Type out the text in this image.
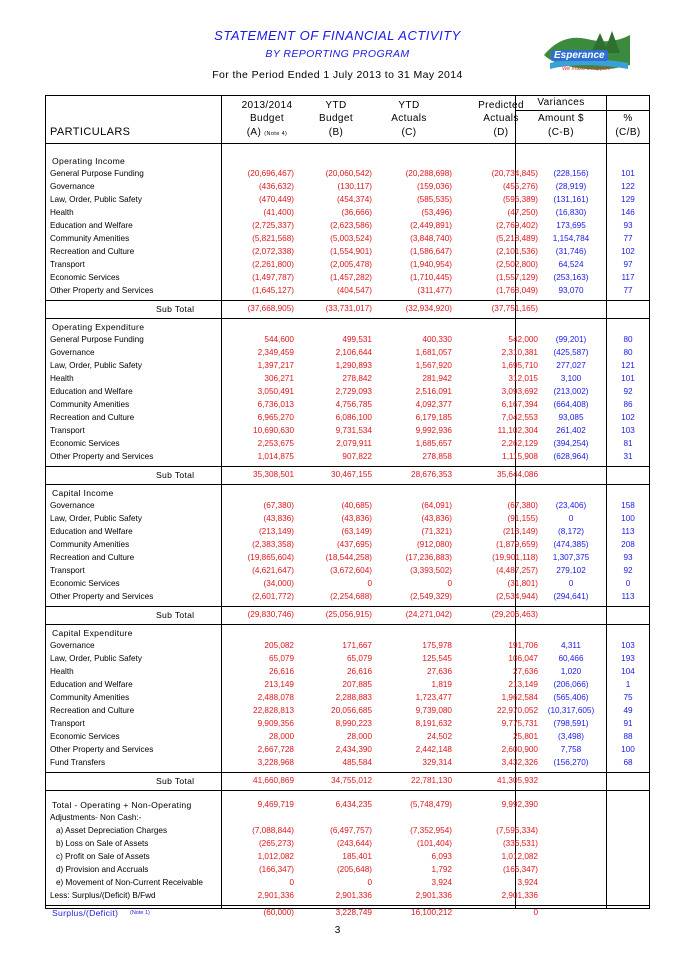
STATEMENT OF FINANCIAL ACTIVITY
BY REPORTING PROGRAM
For the Period Ended 1 July 2013 to 31 May 2014
Esperance
We make it happen!
PARTICULARS
Variances
2013/2014
Budget
(A) (Note 4)
YTD
Budget
(B)
YTD
Actuals
(C)
Predicted
Actuals
(D)
Amount $
(C-B)
%
(C/B)
Operating Income
General Purpose Funding	(20,696,467)	(20,060,542)	(20,288,698)	(20,734,845)	(228,156)	101
Governance	(436,632)	(130,117)	(159,036)	(455,276)	(28,919)	122
Law, Order, Public Safety	(470,449)	(454,374)	(585,535)	(596,389)	(131,161)	129
Health	(41,400)	(36,666)	(53,496)	(47,250)	(16,830)	146
Education and Welfare	(2,725,337)	(2,623,586)	(2,449,891)	(2,769,402)	173,695	93
Community Amenities	(5,821,568)	(5,003,524)	(3,848,740)	(5,218,489)	1,154,784	77
Recreation and Culture	(2,072,338)	(1,554,901)	(1,586,647)	(2,101,536)	(31,746)	102
Transport	(2,261,800)	(2,005,478)	(1,940,954)	(2,502,800)	64,524	97
Economic Services	(1,497,787)	(1,457,282)	(1,710,445)	(1,557,129)	(253,163)	117
Other Property and Services	(1,645,127)	(404,547)	(311,477)	(1,768,049)	93,070	77
Sub Total	(37,668,905)	(33,731,017)	(32,934,920)	(37,751,165)
Operating Expenditure
General Purpose Funding	544,600	499,531	400,330	542,000	(99,201)	80
Governance	2,349,459	2,106,644	1,681,057	2,310,381	(425,587)	80
Law, Order, Public Safety	1,397,217	1,290,893	1,567,920	1,695,710	277,027	121
Health	306,271	278,842	281,942	312,015	3,100	101
Education and Welfare	3,050,491	2,729,093	2,516,091	3,093,692	(213,002)	92
Community Amenities	6,736,013	4,756,785	4,092,377	6,167,394	(664,408)	86
Recreation and Culture	6,965,270	6,086,100	6,179,185	7,042,553	93,085	102
Transport	10,690,630	9,731,534	9,992,936	11,102,304	261,402	103
Economic Services	2,253,675	2,079,911	1,685,657	2,262,129	(394,254)	81
Other Property and Services	1,014,875	907,822	278,858	1,115,908	(628,964)	31
Sub Total	35,308,501	30,467,155	28,676,353	35,644,086
Capital Income
Governance	(67,380)	(40,685)	(64,091)	(67,380)	(23,406)	158
Law, Order, Public Safety	(43,836)	(43,836)	(43,836)	(91,155)	0	100
Education and Welfare	(213,149)	(63,149)	(71,321)	(213,149)	(8,172)	113
Community Amenities	(2,383,358)	(437,695)	(912,080)	(1,879,659)	(474,385)	208
Recreation and Culture	(19,865,604)	(18,544,258)	(17,236,883)	(19,901,118)	1,307,375	93
Transport	(4,621,647)	(3,672,604)	(3,393,502)	(4,487,257)	279,102	92
Economic Services	(34,000)	0	0	(31,801)	0	0
Other Property and Services	(2,601,772)	(2,254,688)	(2,549,329)	(2,534,944)	(294,641)	113
Sub Total	(29,830,746)	(25,056,915)	(24,271,042)	(29,206,463)
Capital Expenditure
Governance	205,082	171,667	175,978	191,706	4,311	103
Law, Order, Public Safety	65,079	65,079	125,545	106,047	60,466	193
Health	26,616	26,616	27,636	27,636	1,020	104
Education and Welfare	213,149	207,885	1,819	213,149	(206,066)	1
Community Amenities	2,488,078	2,288,883	1,723,477	1,962,584	(565,406)	75
Recreation and Culture	22,828,813	20,056,685	9,739,080	22,970,052	(10,317,605)	49
Transport	9,909,356	8,990,223	8,191,632	9,775,731	(798,591)	91
Economic Services	28,000	28,000	24,502	25,801	(3,498)	88
Other Property and Services	2,667,728	2,434,390	2,442,148	2,600,900	7,758	100
Fund Transfers	3,228,968	485,584	329,314	3,432,326	(156,270)	68
Sub Total	41,660,869	34,755,012	22,781,130	41,305,932
Total - Operating + Non-Operating	9,469,719	6,434,235	(5,748,479)	9,992,390
Adjustments- Non Cash:-
a) Asset Depreciation Charges	(7,088,844)	(6,497,757)	(7,352,954)	(7,596,334)
b) Loss on Sale of Assets	(265,273)	(243,644)	(101,404)	(336,531)
c) Profit on Sale of Assets	1,012,082	185,401	6,093	1,012,082
d) Provision and Accruals	(166,347)	(205,648)	1,792	(166,347)
e) Movement of Non-Current Receivable	0	0	3,924	3,924
Less: Surplus/(Deficit) B/Fwd	2,901,336	2,901,336	2,901,336	2,901,336
Surplus/(Deficit)	(60,000)	3,228,749	16,100,212	0
(Note 1)
3
